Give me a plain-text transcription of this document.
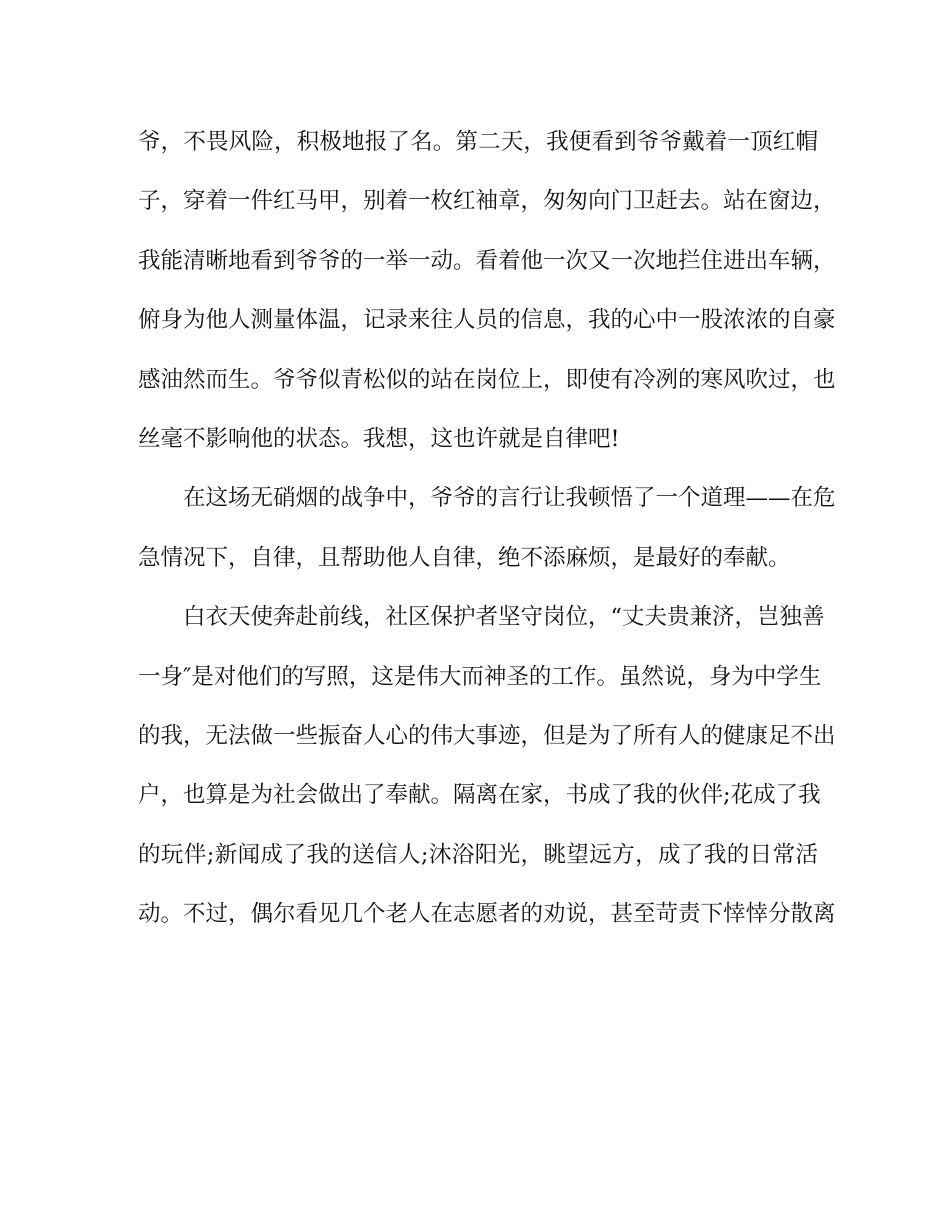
爷，不畏风险，积极地报了名。第二天，我便看到爷爷戴着一顶红帽
子，穿着一件红马甲，别着一枚红袖章，匆匆向门卫赶去。站在窗边，
我能清晰地看到爷爷的一举一动。看着他一次又一次地拦住进出车辆，
俯身为他人测量体温，记录来往人员的信息，我的心中一股浓浓的自豪
感油然而生。爷爷似青松似的站在岗位上，即使有冷冽的寒风吹过，也
丝毫不影响他的状态。我想，这也许就是自律吧!
在这场无硝烟的战争中，爷爷的言行让我顿悟了一个道理——在危
急情况下，自律，且帮助他人自律，绝不添麻烦，是最好的奉献。
白衣天使奔赴前线，社区保护者坚守岗位，“丈夫贵兼济，岂独善
一身″是对他们的写照，这是伟大而神圣的工作。虽然说，身为中学生
的我，无法做一些振奋人心的伟大事迹，但是为了所有人的健康足不出
户，也算是为社会做出了奉献。隔离在家，书成了我的伙伴;花成了我
的玩伴;新闻成了我的送信人;沐浴阳光，眺望远方，成了我的日常活
动。不过，偶尔看见几个老人在志愿者的劝说，甚至苛责下悻悻分散离
